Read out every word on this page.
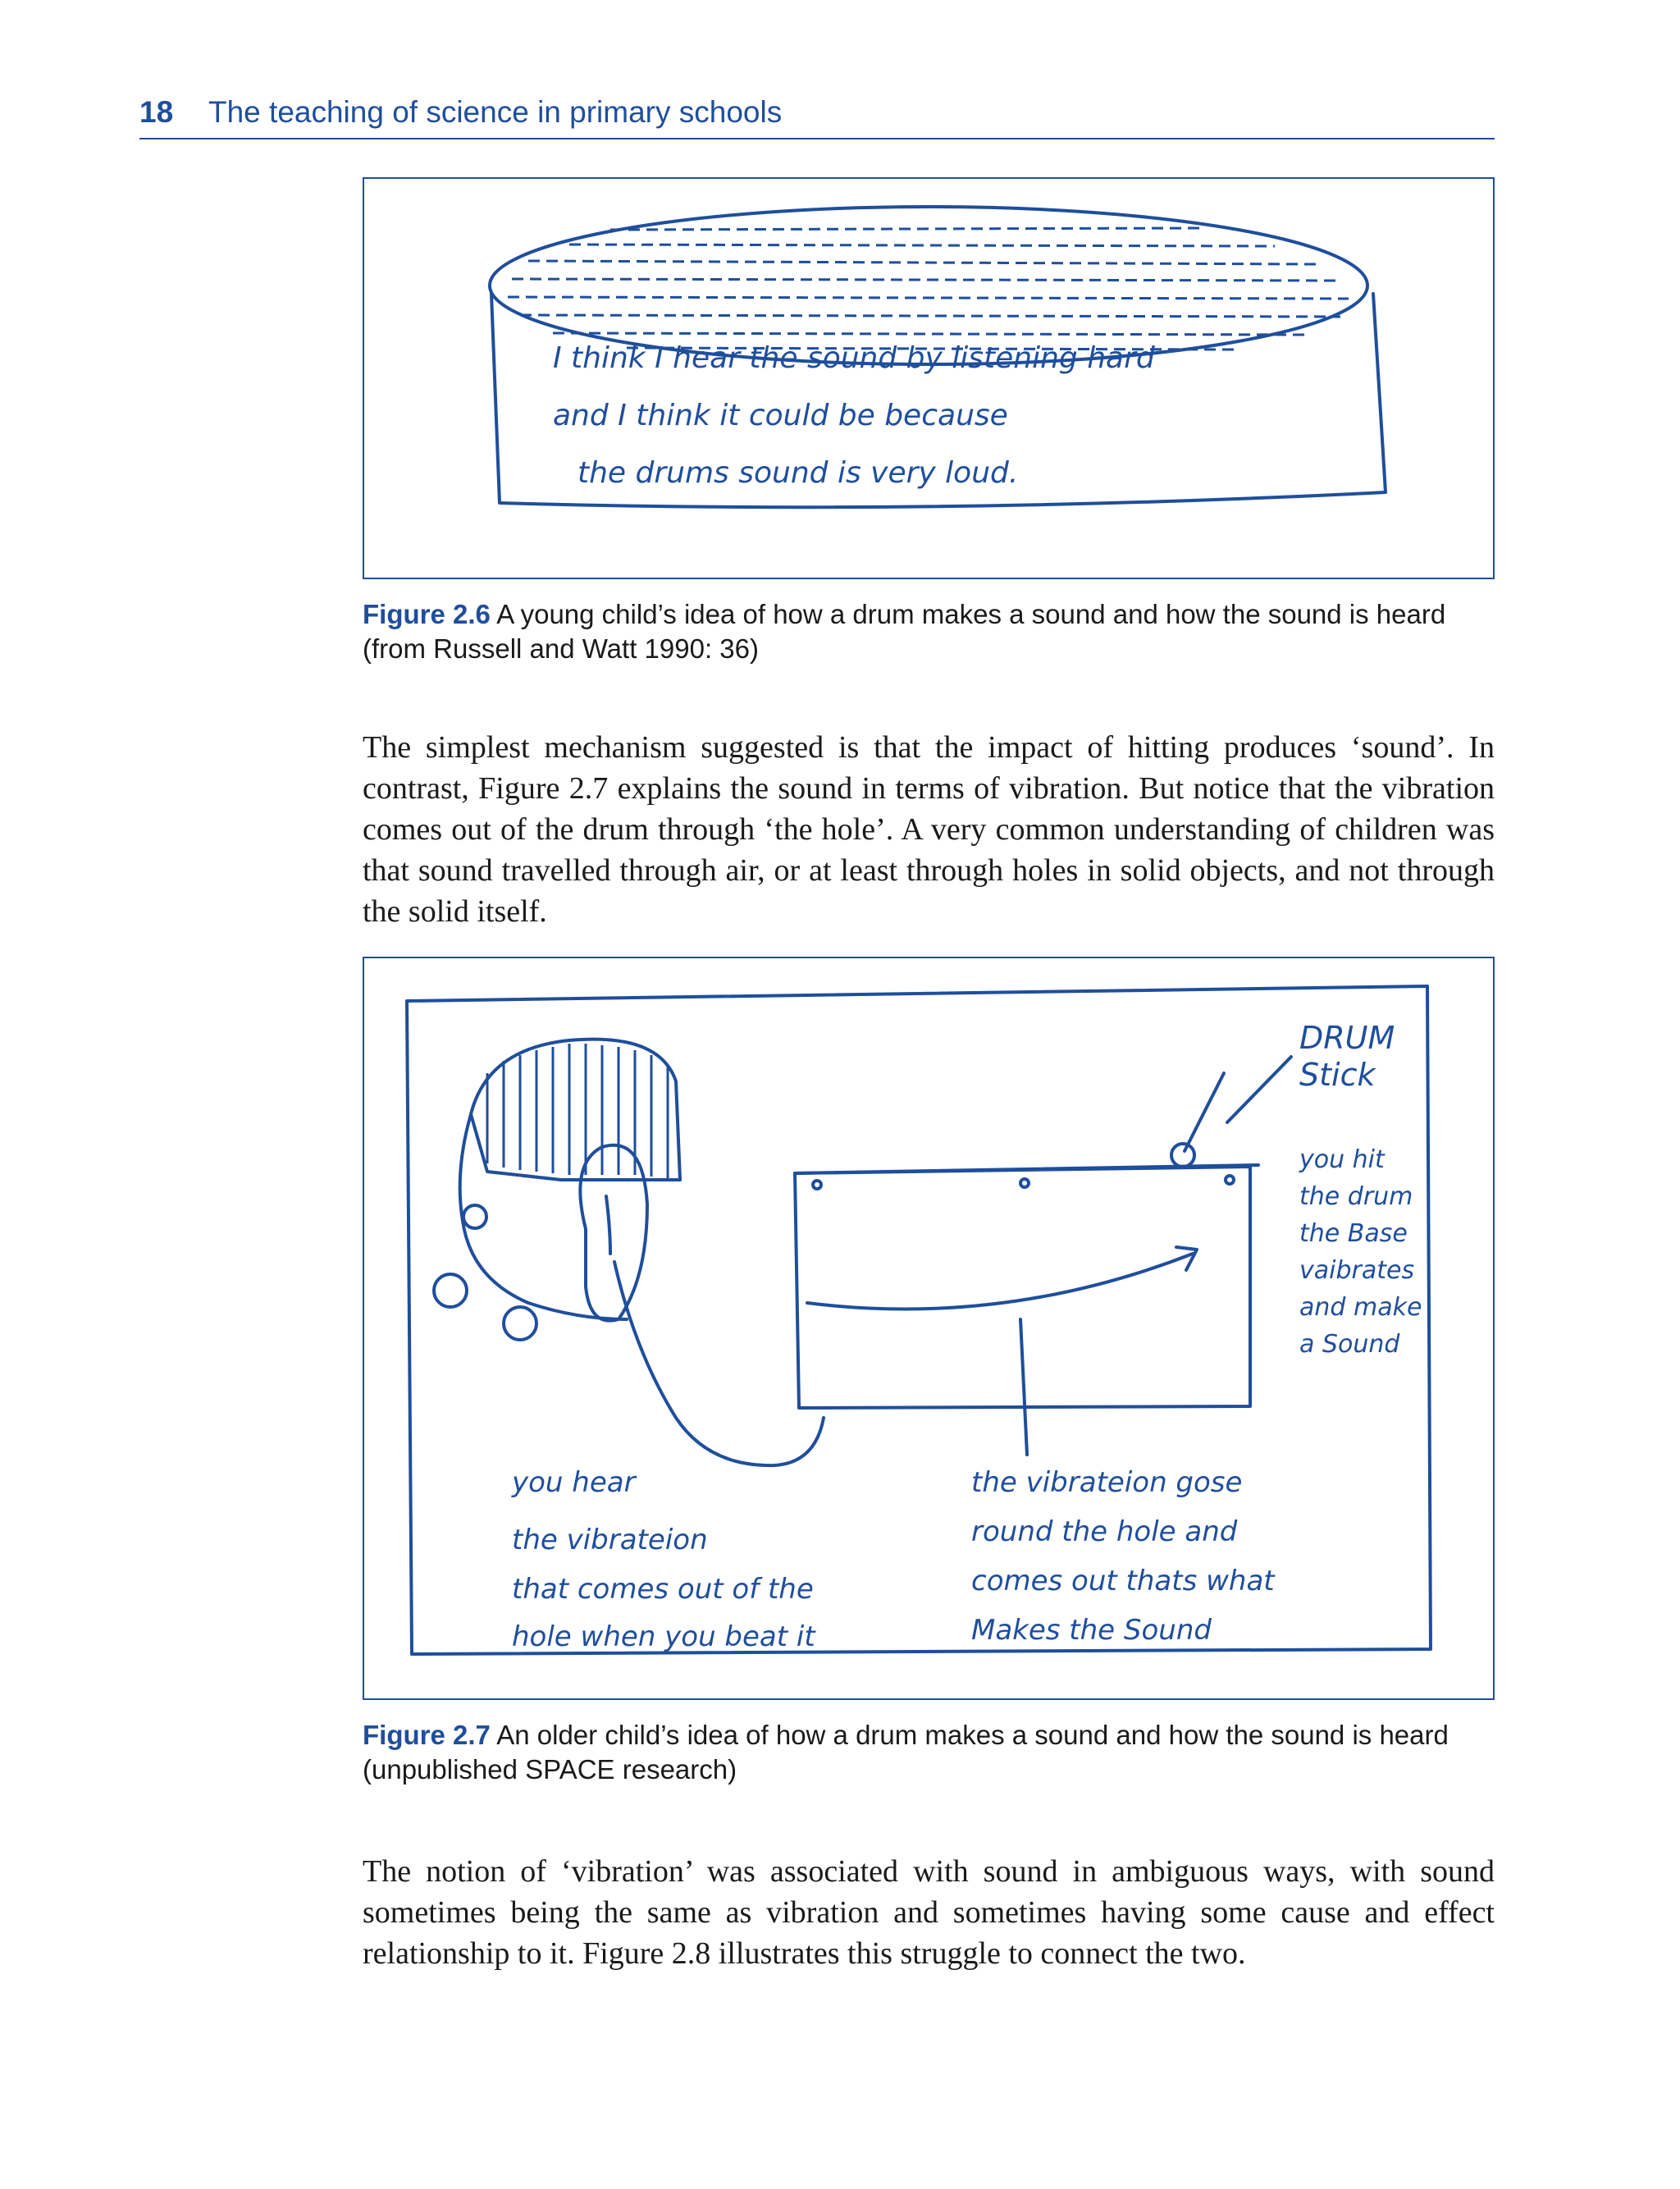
18 The teaching of science in primary schools
I think I hear the sound by listening hard
and I think it could be because
the drums sound is very loud.
Figure 2.6 A young child’s idea of how a drum makes a sound and how the sound is heard (from Russell and Watt 1990: 36)
The simplest mechanism suggested is that the impact of hitting produces ‘sound’. In contrast, Figure 2.7 explains the sound in terms of vibration. But notice that the vibration comes out of the drum through ‘the hole’. A very common understanding of children was that sound travelled through air, or at least through holes in solid objects, and not through the solid itself.
DRUM
Stick
you hit
the drum
the Base
vaibrates
and make
a Sound
you hear
the vibrateion
that comes out of the
hole when you beat it
the vibrateion gose
round the hole and
comes out thats what
Makes the Sound
Figure 2.7 An older child’s idea of how a drum makes a sound and how the sound is heard (unpublished SPACE research)
The notion of ‘vibration’ was associated with sound in ambiguous ways, with sound sometimes being the same as vibration and sometimes having some cause and effect relationship to it. Figure 2.8 illustrates this struggle to connect the two.
